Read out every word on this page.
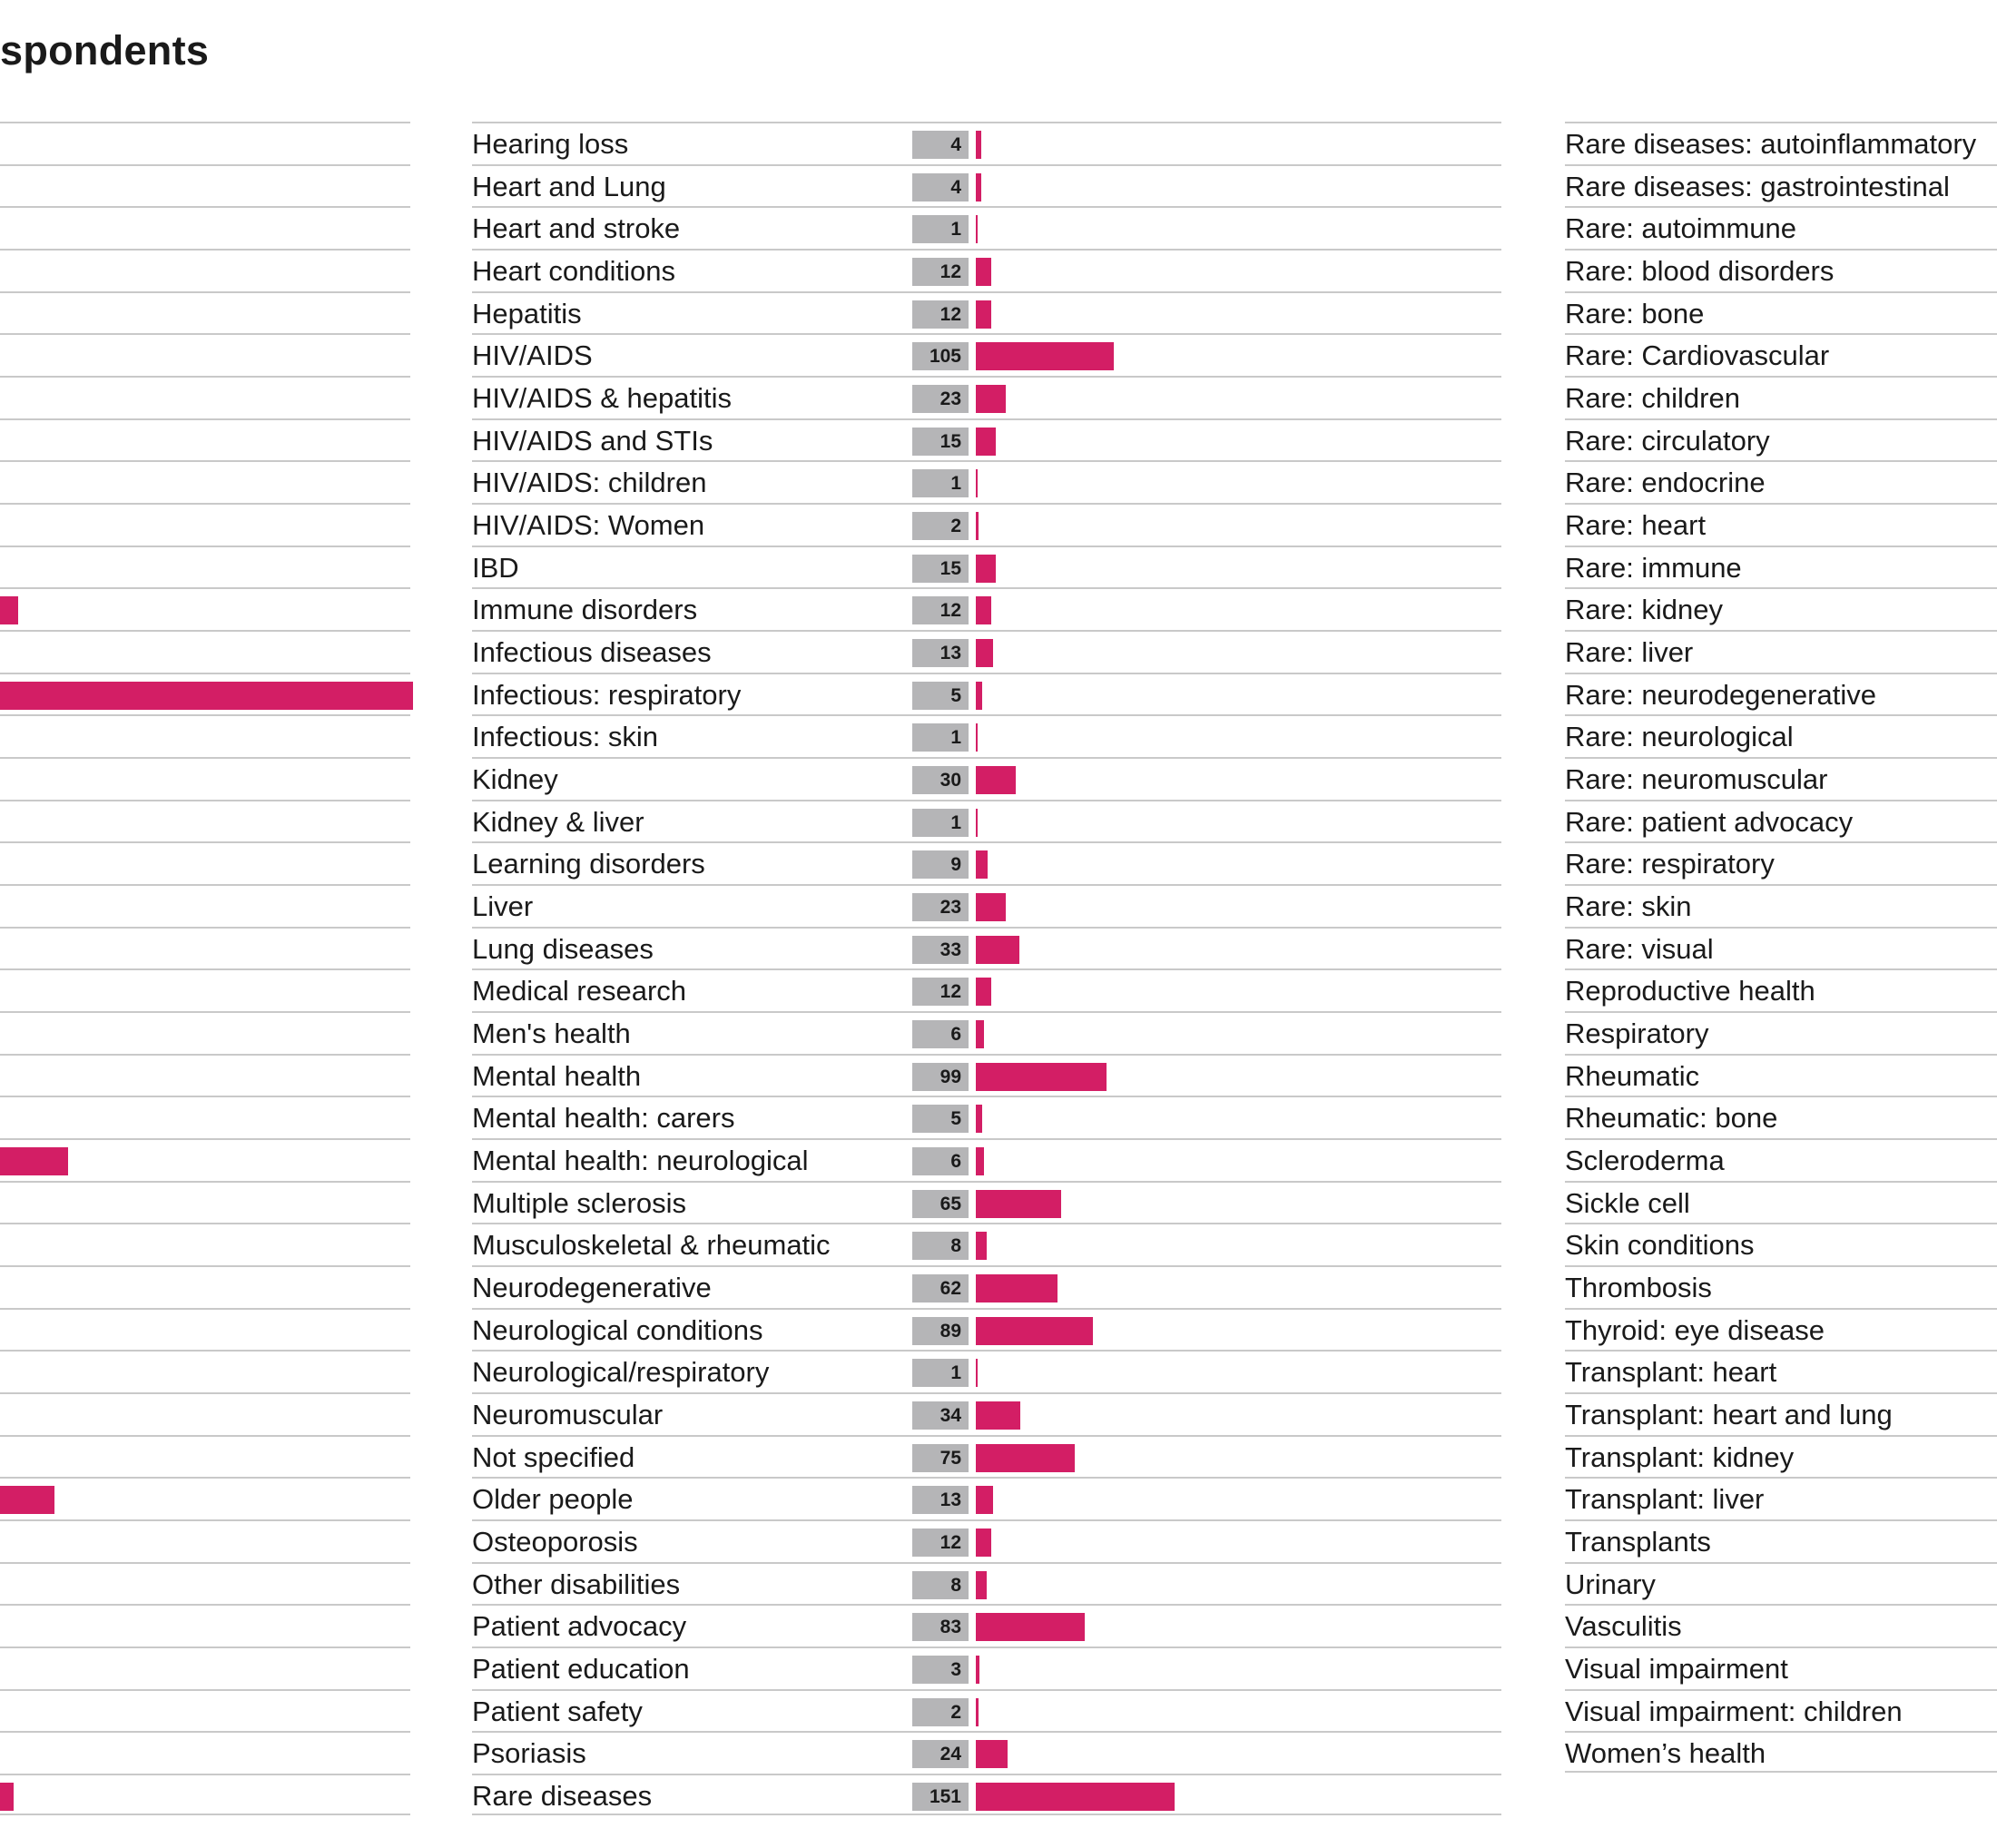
spondents
Hearing loss	4
Heart and Lung	4
Heart and stroke	1
Heart conditions	12
Hepatitis	12
HIV/AIDS	105
HIV/AIDS & hepatitis	23
HIV/AIDS and STIs	15
HIV/AIDS: children	1
HIV/AIDS: Women	2
IBD	15
Immune disorders	12
Infectious diseases	13
Infectious: respiratory	5
Infectious: skin	1
Kidney	30
Kidney & liver	1
Learning disorders	9
Liver	23
Lung diseases	33
Medical research	12
Men's health	6
Mental health	99
Mental health: carers	5
Mental health: neurological	6
Multiple sclerosis	65
Musculoskeletal & rheumatic	8
Neurodegenerative	62
Neurological conditions	89
Neurological/respiratory	1
Neuromuscular	34
Not specified	75
Older people	13
Osteoporosis	12
Other disabilities	8
Patient advocacy	83
Patient education	3
Patient safety	2
Psoriasis	24
Rare diseases	151
Rare diseases: autoinflammatory
Rare diseases: gastrointestinal
Rare: autoimmune
Rare: blood disorders
Rare: bone
Rare: Cardiovascular
Rare: children
Rare: circulatory
Rare: endocrine
Rare: heart
Rare: immune
Rare: kidney
Rare: liver
Rare: neurodegenerative
Rare: neurological
Rare: neuromuscular
Rare: patient advocacy
Rare: respiratory
Rare: skin
Rare: visual
Reproductive health
Respiratory
Rheumatic
Rheumatic: bone
Scleroderma
Sickle cell
Skin conditions
Thrombosis
Thyroid: eye disease
Transplant: heart
Transplant: heart and lung
Transplant: kidney
Transplant: liver
Transplants
Urinary
Vasculitis
Visual impairment
Visual impairment: children
Women’s health
